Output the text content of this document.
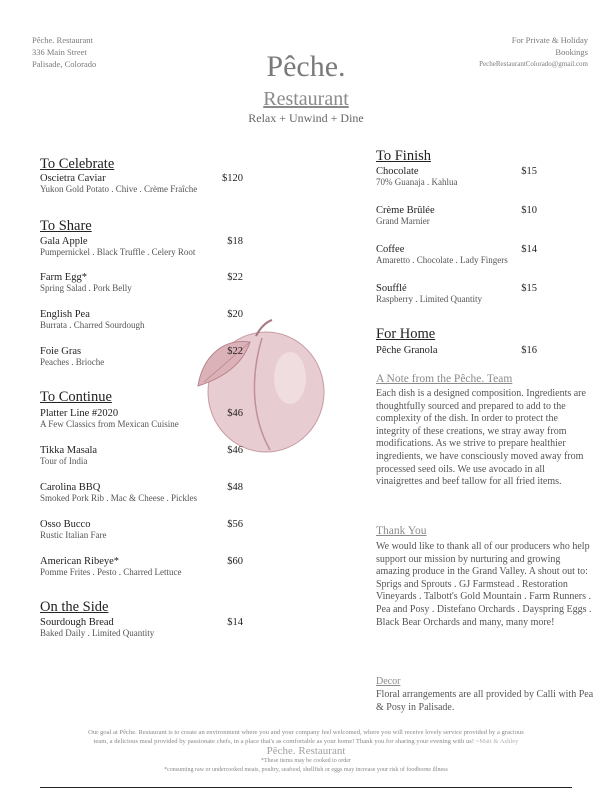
Pêche. Restaurant
336 Main Street
Palisade, Colorado
For Private & Holiday
Bookings
PecheRestaurantColorado@gmail.com
Pêche.
Restaurant
Relax + Unwind + Dine
To Celebrate
Oscietra Caviar	$120
Yukon Gold Potato . Chive . Crème Fraîche
To Share
Gala Apple	$18
Pumpernickel . Black Truffle . Celery Root
Farm Egg*	$22
Spring Salad . Pork Belly
English Pea	$20
Burrata . Charred Sourdough
Foie Gras	$22
Peaches . Brioche
To Continue
Platter Line #2020	$46
A Few Classics from Mexican Cuisine
Tikka Masala	$46
Tour of India
Carolina BBQ	$48
Smoked Pork Rib . Mac & Cheese . Pickles
Osso Bucco	$56
Rustic Italian Fare
American Ribeye*	$60
Pomme Frites . Pesto . Charred Lettuce
On the Side
Sourdough Bread	$14
Baked Daily . Limited Quantity
To Finish
Chocolate	$15
70% Guanaja . Kahlua
Crème Brûlée	$10
Grand Marnier
Coffee	$14
Amaretto . Chocolate . Lady Fingers
Soufflé	$15
Raspberry . Limited Quantity
For Home
Pêche Granola	$16
A Note from the Pêche. Team
Each dish is a designed composition. Ingredients are thoughtfully sourced and prepared to add to the complexity of the dish. In order to protect the integrity of these creations, we stray away from modifications. As we strive to prepare healthier ingredients, we have consciously moved away from processed seed oils. We use avocado in all vinaigrettes and beef tallow for all fried items.
Thank You
We would like to thank all of our producers who help support our mission by nurturing and growing amazing produce in the Grand Valley. A shout out to: Sprigs and Sprouts . GJ Farmstead . Restoration Vineyards . Talbott's Gold Mountain . Farm Runners . Pea and Posy . Distefano Orchards . Dayspring Eggs . Black Bear Orchards and many, many more!
Decor
Floral arrangements are all provided by Calli with Pea & Posy in Palisade.
Our goal at Pêche. Restaurant is to create an environment where you and your company feel welcomed, where you will receive lovely service provided by a gracious
team, a delicious meal provided by passionate chefs, in a place that's as comfortable as your home! Thank you for sharing your evening with us! ~Matt & Ashley
Pêche. Restaurant
*These items may be cooked to order
*consuming raw or undercooked meats, poultry, seafood, shellfish or eggs may increase your risk of foodborne illness
